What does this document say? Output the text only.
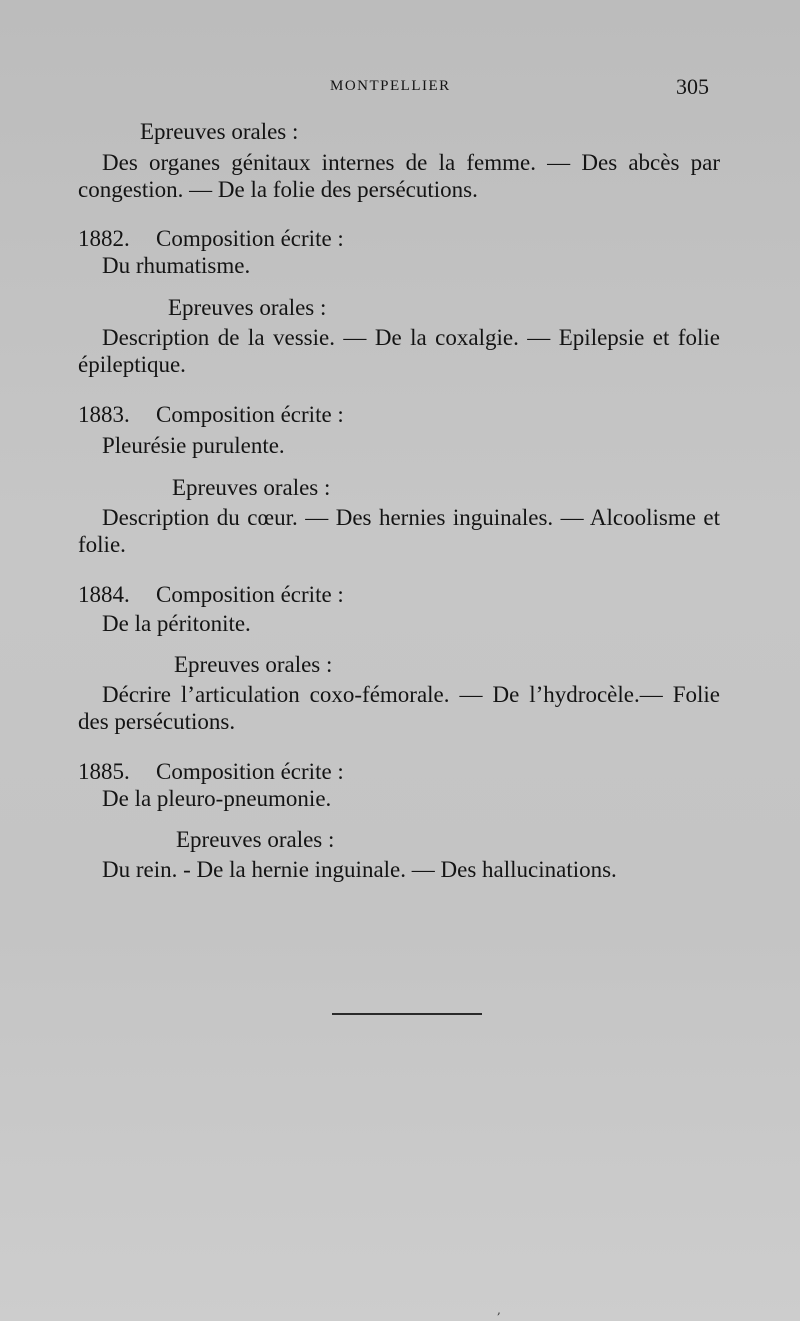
MONTPELLIER	305

Epreuves orales :

Des organes génitaux internes de la femme. — Des abcès par congestion. — De la folie des persécutions.

1882. Composition écrite :

Du rhumatisme.

Epreuves orales :

Description de la vessie. — De la coxalgie. — Epilepsie et folie épileptique.

1883. Composition écrite :

Pleurésie purulente.

Epreuves orales :

Description du cœur. — Des hernies inguinales. — Alcoolisme et folie.

1884. Composition écrite :

De la péritonite.

Epreuves orales :

Décrire l’articulation coxo-fémorale. — De l’hydrocèle.— Folie des persécutions.

1885. Composition écrite :

De la pleuro-pneumonie.

Epreuves orales :

Du rein. - De la hernie inguinale. — Des hallucinations.

,
